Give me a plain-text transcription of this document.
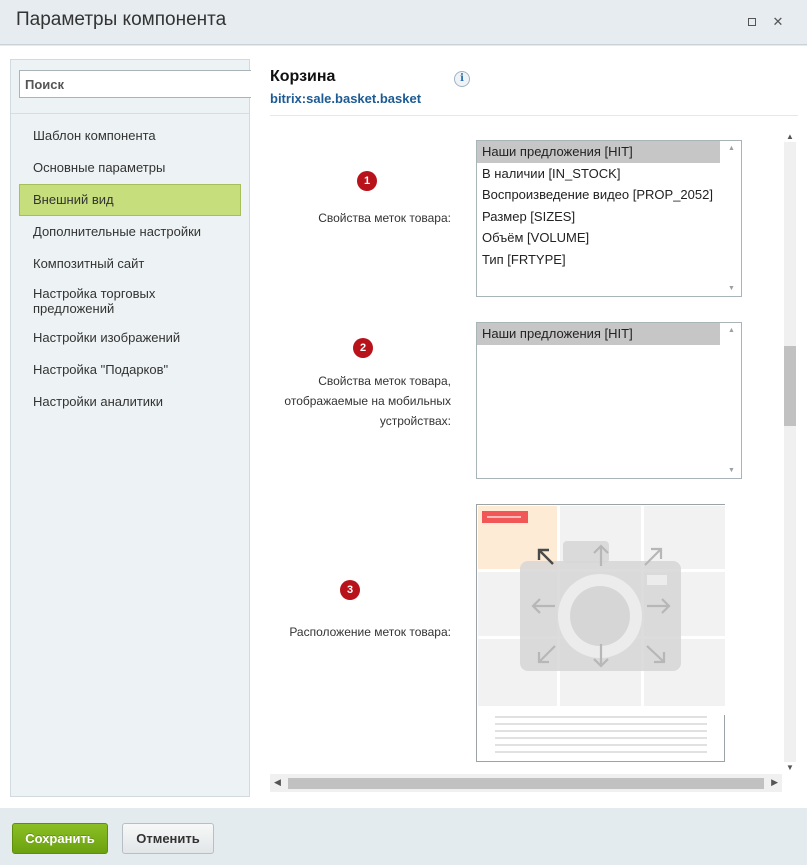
Параметры компонента	✕
Поиск
Шаблон компонента
Основные параметры
Внешний вид
Дополнительные настройки
Композитный сайт
Настройка торговых предложений
Настройки изображений
Настройка "Подарков"
Настройки аналитики
Корзина
bitrix:sale.basket.basket
i
1
Свойства меток товара:
Наши предложения [HIT]
В наличии [IN_STOCK]
Воспроизведение видео [PROP_2052]
Размер [SIZES]
Объём [VOLUME]
Тип [FRTYPE]
▲
▼
2
Свойства меток товара,
отображаемые на мобильных
устройствах:
Наши предложения [HIT]	▲
▼
3
Расположение меток товара:
▲
▼
◀	▶
Сохранить	Отменить
